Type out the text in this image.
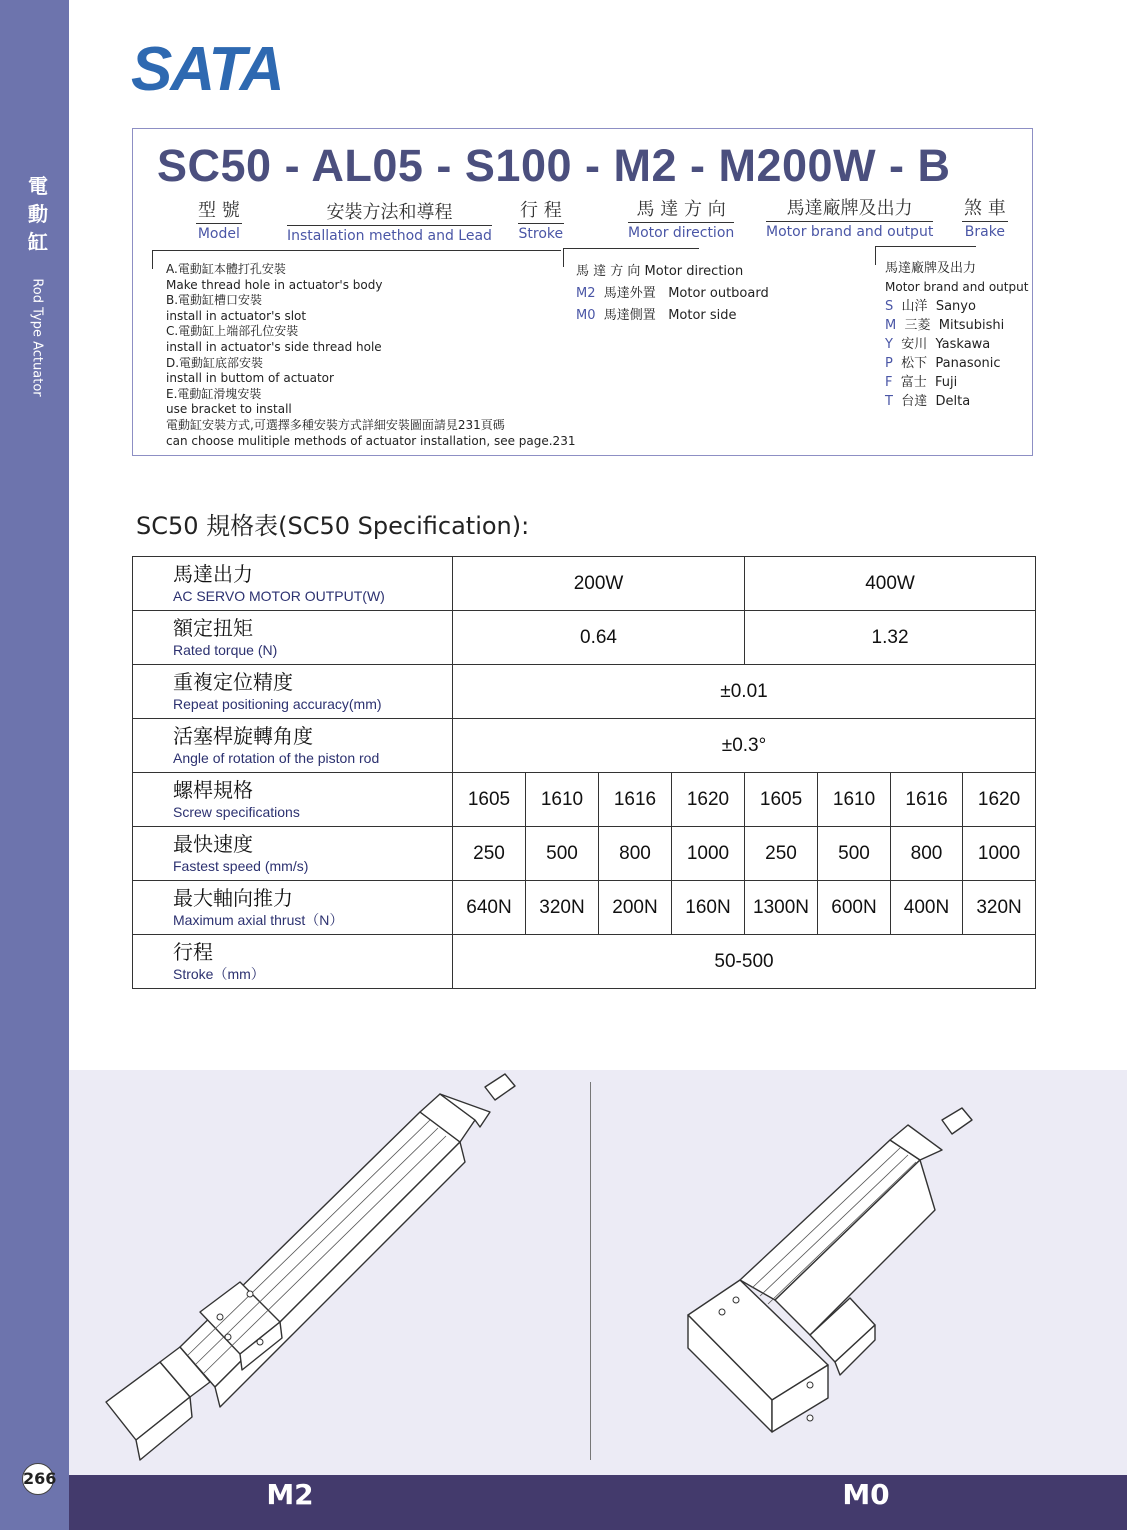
電動缸
Rod Type Actuator
266
SATA
SC50 - AL05 - S100 - M2 - M200W - B
型 號
Model
安裝方法和導程
Installation method and Lead
行 程
Stroke
馬 達 方 向
Motor direction
馬達廠牌及出力
Motor brand and output
煞 車
Brake
A.電動缸本體打孔安裝
Make thread hole in actuator's body
B.電動缸槽口安裝
install in actuator's slot
C.電動缸上端部孔位安裝
install in actuator's side thread hole
D.電動缸底部安裝
install in buttom of actuator
E.電動缸滑塊安裝
use bracket to install
電動缸安裝方式,可選擇多種安裝方式詳細安裝圖面請見231頁碼
can choose mulitiple methods of actuator installation, see page.231
馬 達 方 向 Motor direction
M2 馬達外置 Motor outboard
M0 馬達側置 Motor side
馬達廠牌及出力
Motor brand and output
S 山洋 Sanyo
M 三菱 Mitsubishi
Y 安川 Yaskawa
P 松下 Panasonic
F 富士 Fuji
T 台達 Delta
SC50 規格表(SC50 Specification):
馬達出力
AC SERVO MOTOR OUTPUT(W)	200W				400W			

額定扭矩
Rated torque (N)	0.64				1.32			

重複定位精度
Repeat positioning accuracy(mm)	±0.01							

活塞桿旋轉角度
Angle of rotation of the piston rod	±0.3°							

螺桿規格
Screw specifications	1605	1610	1616	1620	1605	1610	1616	1620

最快速度
Fastest speed (mm/s)	250	500	800	1000	250	500	800	1000

最大軸向推力
Maximum axial thrust（N）	640N	320N	200N	160N	1300N	600N	400N	320N

行程
Stroke（mm）	50-500							
M2	M0
